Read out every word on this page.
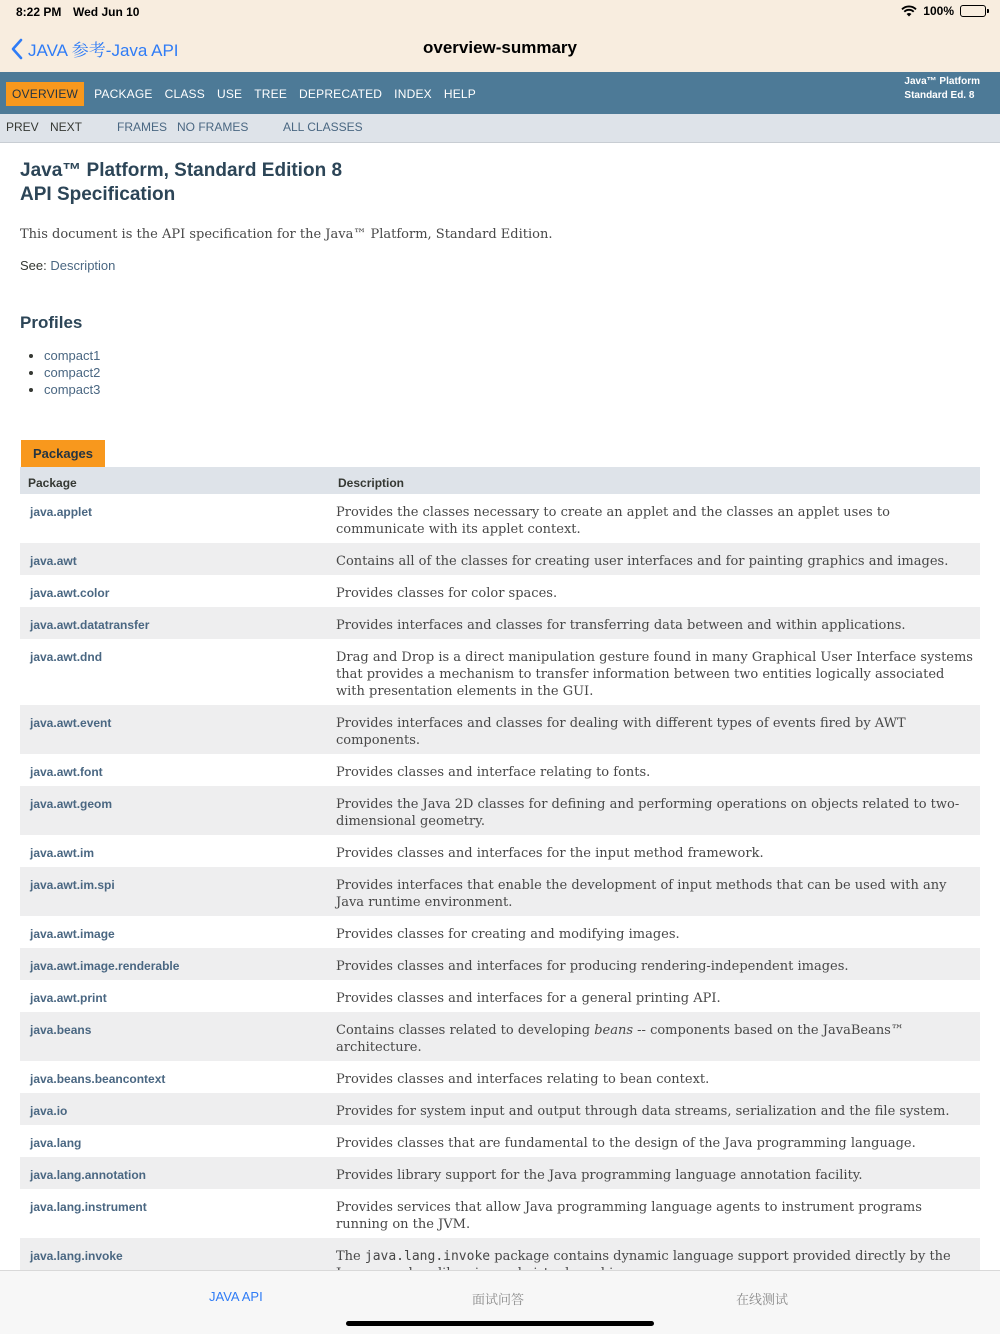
8:22 PM Wed Jun 10	100%
JAVA 参考-Java API	overview-summary
OVERVIEW	PACKAGE	CLASS	USE	TREE	DEPRECATED	INDEX	HELP
Java™ Platform
Standard Ed. 8
PREV NEXT	FRAMES NO FRAMES	ALL CLASSES
Java™ Platform, Standard Edition 8
API Specification
This document is the API specification for the Java™ Platform, Standard Edition.
See: Description
Profiles
• compact1
• compact2
• compact3
Packages
Package	Description
java.applet	Provides the classes necessary to create an applet and the classes an applet uses to communicate with its applet context.
java.awt	Contains all of the classes for creating user interfaces and for painting graphics and images.
java.awt.color	Provides classes for color spaces.
java.awt.datatransfer	Provides interfaces and classes for transferring data between and within applications.
java.awt.dnd	Drag and Drop is a direct manipulation gesture found in many Graphical User Interface systems that provides a mechanism to transfer information between two entities logically associated with presentation elements in the GUI.
java.awt.event	Provides interfaces and classes for dealing with different types of events fired by AWT components.
java.awt.font	Provides classes and interface relating to fonts.
java.awt.geom	Provides the Java 2D classes for defining and performing operations on objects related to two-dimensional geometry.
java.awt.im	Provides classes and interfaces for the input method framework.
java.awt.im.spi	Provides interfaces that enable the development of input methods that can be used with any Java runtime environment.
java.awt.image	Provides classes for creating and modifying images.
java.awt.image.renderable	Provides classes and interfaces for producing rendering-independent images.
java.awt.print	Provides classes and interfaces for a general printing API.
java.beans	Contains classes related to developing beans -- components based on the JavaBeans™ architecture.
java.beans.beancontext	Provides classes and interfaces relating to bean context.
java.io	Provides for system input and output through data streams, serialization and the file system.
java.lang	Provides classes that are fundamental to the design of the Java programming language.
java.lang.annotation	Provides library support for the Java programming language annotation facility.
java.lang.instrument	Provides services that allow Java programming language agents to instrument programs running on the JVM.
java.lang.invoke	The java.lang.invoke package contains dynamic language support provided directly by the
JAVA API	面试问答	在线测试
